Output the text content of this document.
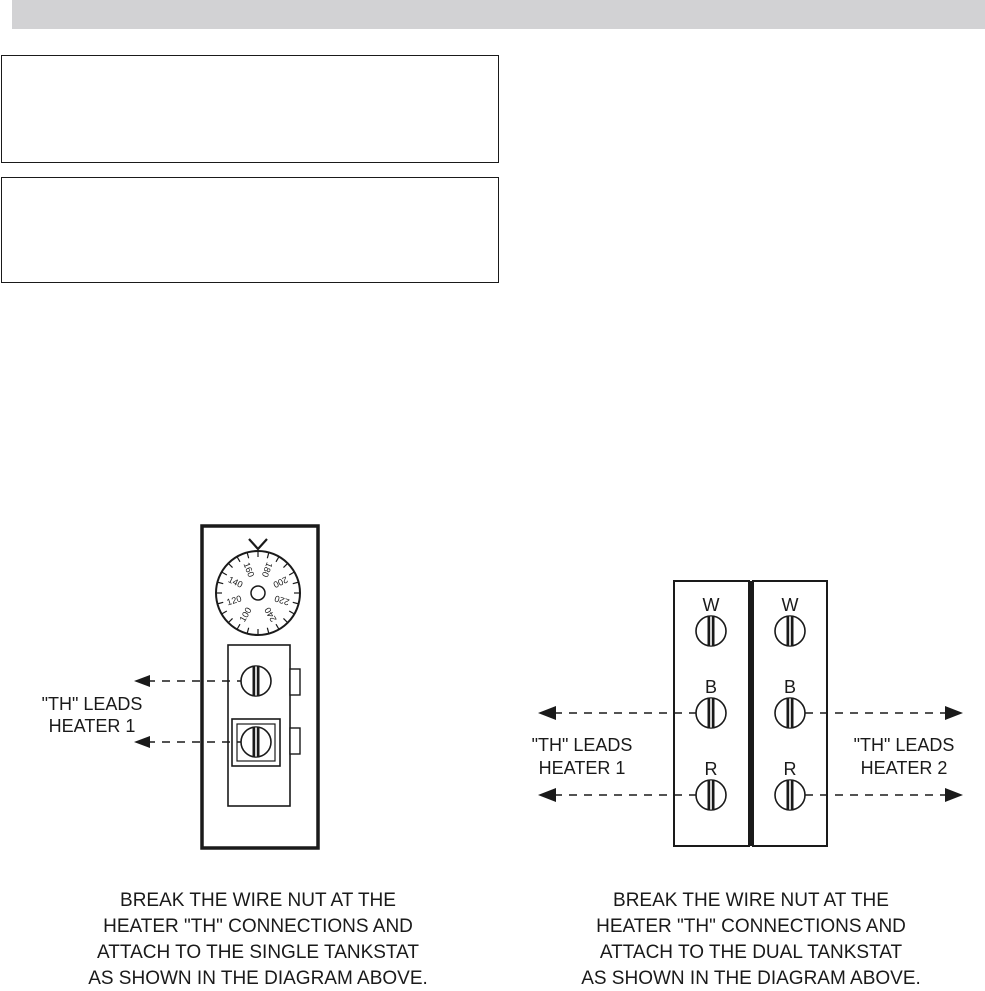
100
120
140
160 180
200
220
240
"TH" LEADS
HEATER 1
W	W
B	B
R	R
"TH" LEADS
HEATER 1
"TH" LEADS
HEATER 2
BREAK THE WIRE NUT AT THE
HEATER "TH" CONNECTIONS AND
ATTACH TO THE SINGLE TANKSTAT
AS SHOWN IN THE DIAGRAM ABOVE.
BREAK THE WIRE NUT AT THE
HEATER "TH" CONNECTIONS AND
ATTACH TO THE DUAL TANKSTAT
AS SHOWN IN THE DIAGRAM ABOVE.
